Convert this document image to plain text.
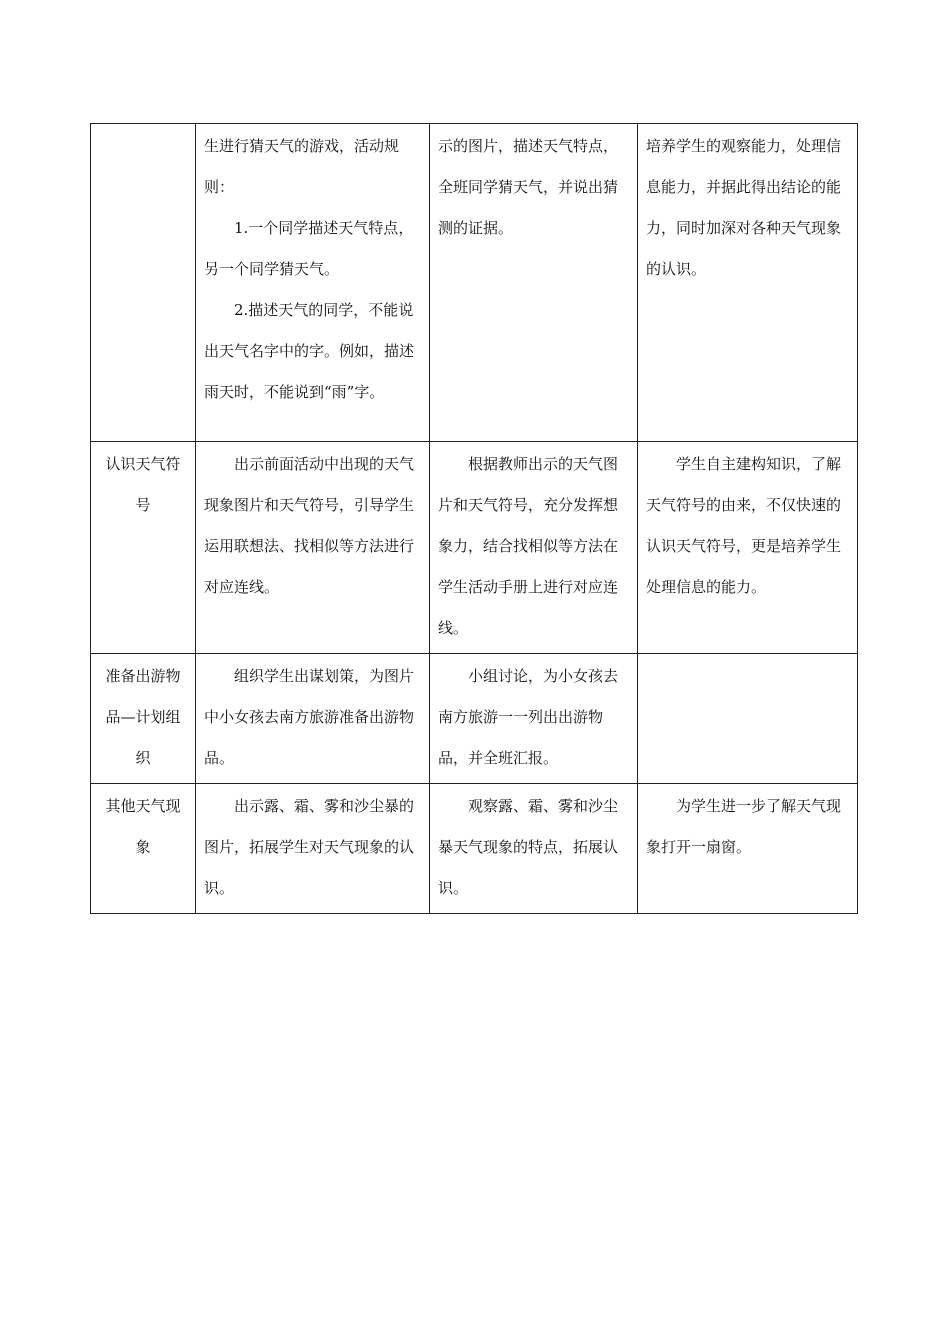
	生进行猜天气的游戏，活动规则：

1.一个同学描述天气特点，另一个同学猜天气。

2.描述天气的同学，不能说出天气名字中的字。例如，描述雨天时，不能说到“雨”字。	示的图片，描述天气特点，全班同学猜天气，并说出猜测的证据。	培养学生的观察能力，处理信息能力，并据此得出结论的能力，同时加深对各种天气现象的认识。
认识天气符号	出示前面活动中出现的天气现象图片和天气符号，引导学生运用联想法、找相似等方法进行对应连线。	根据教师出示的天气图片和天气符号，充分发挥想象力，结合找相似等方法在学生活动手册上进行对应连线。	学生自主建构知识，了解天气符号的由来，不仅快速的认识天气符号，更是培养学生处理信息的能力。

准备出游物品—计划组织	组织学生出谋划策，为图片中小女孩去南方旅游准备出游物品。	小组讨论，为小女孩去南方旅游一一列出出游物品，并全班汇报。	

其他天气现象	出示露、霜、雾和沙尘暴的图片，拓展学生对天气现象的认识。	观察露、霜、雾和沙尘暴天气现象的特点，拓展认识。	为学生进一步了解天气现象打开一扇窗。
